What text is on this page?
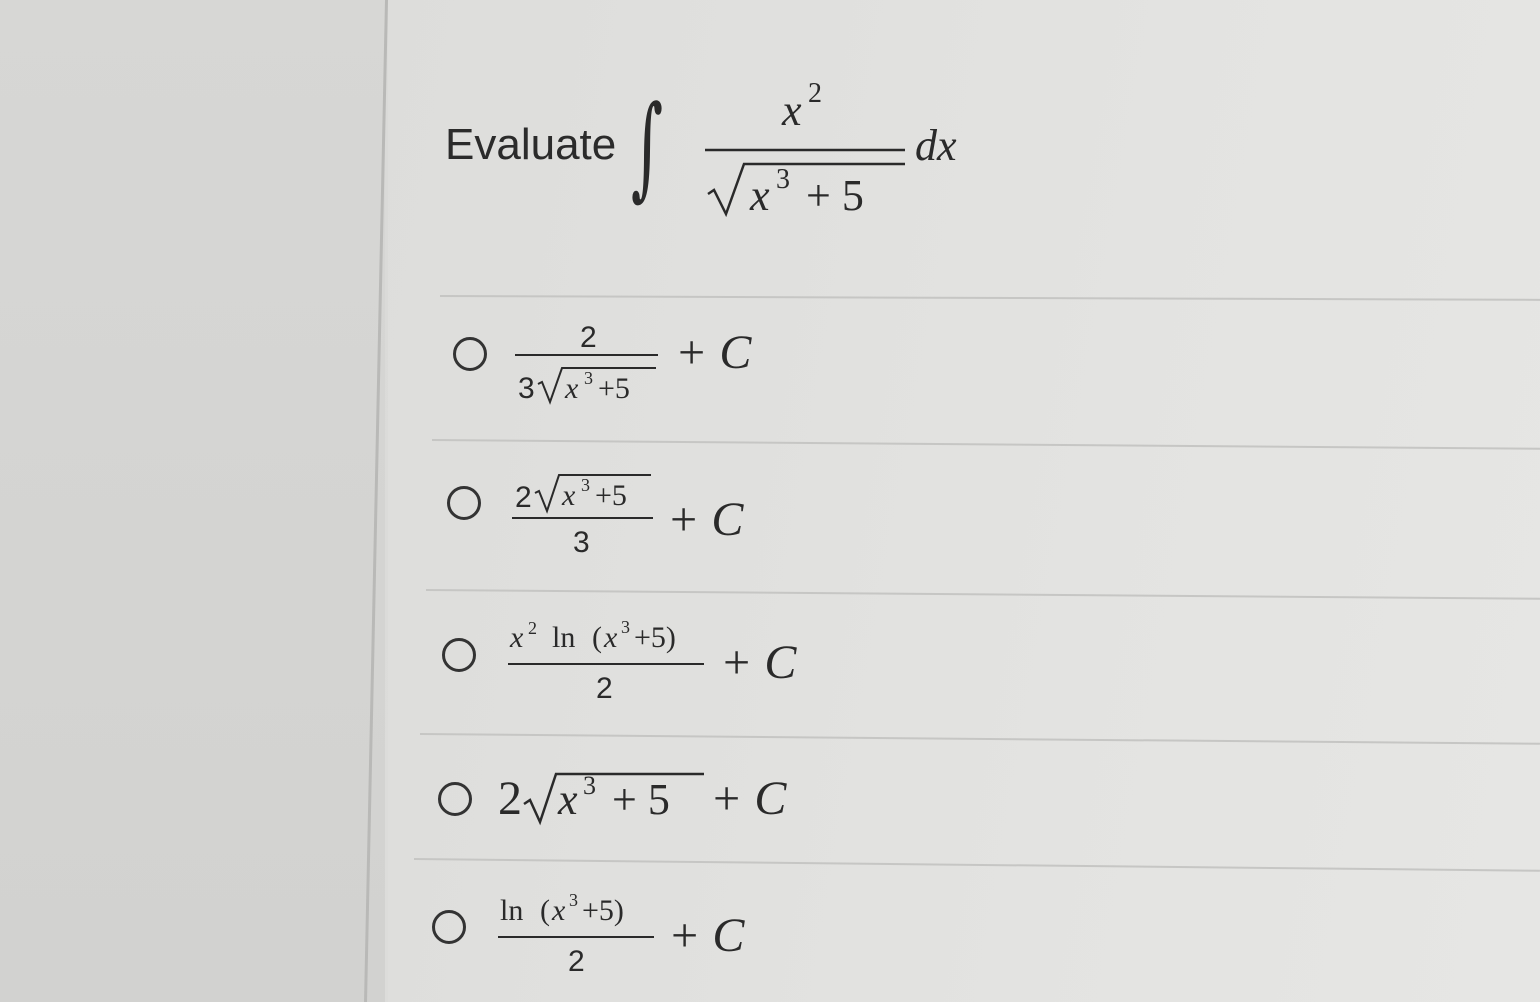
Evaluate ∫	x 2
x 3 + 5
dx
2
3 x 3 +5
+ C
2 x 3 +5
3 + C
x 2 ln ( x 3 +5)
2 + C
2 x 3 + 5 + C
ln ( x 3 +5)
2 + C
